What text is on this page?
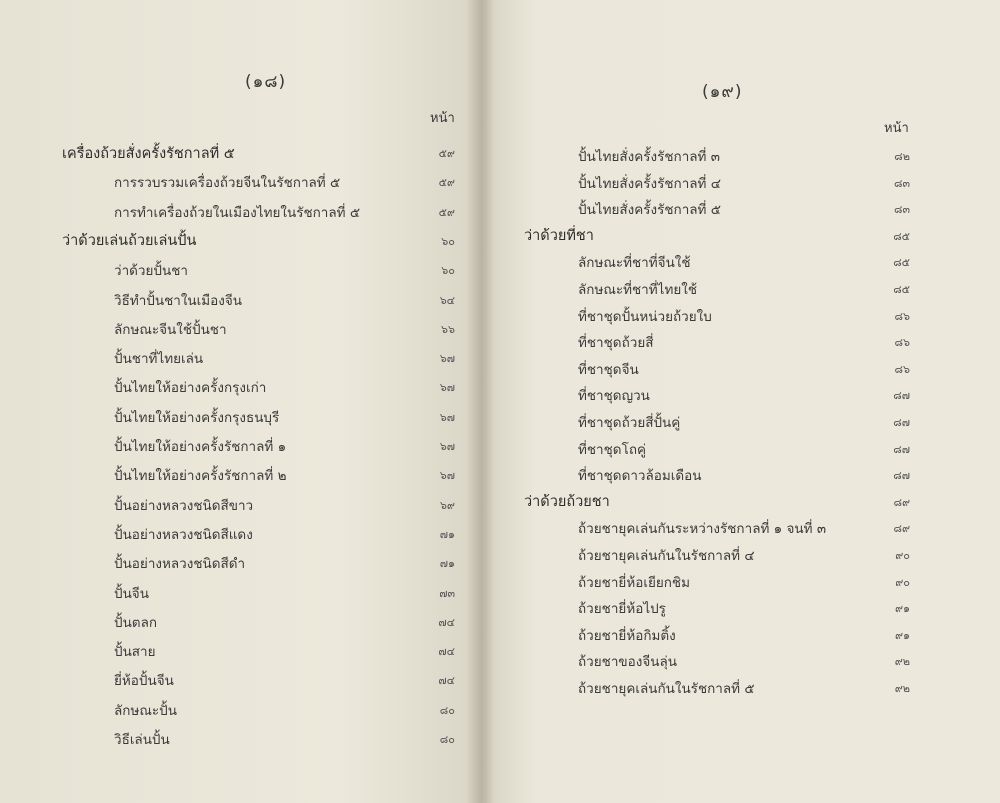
(๑๘)
หน้า
(๑๙)
หน้า
เครื่องถ้วยสั่งครั้งรัชกาลที่ ๕	๕๙
การรวบรวมเครื่องถ้วยจีนในรัชกาลที่ ๕	๕๙
การทำเครื่องถ้วยในเมืองไทยในรัชกาลที่ ๕	๕๙
ว่าด้วยเล่นถ้วยเล่นปั้น	๖๐
ว่าด้วยปั้นชา	๖๐
วิธีทำปั้นชาในเมืองจีน	๖๔
ลักษณะจีนใช้ปั้นชา	๖๖
ปั้นชาที่ไทยเล่น	๖๗
ปั้นไทยให้อย่างครั้งกรุงเก่า	๖๗
ปั้นไทยให้อย่างครั้งกรุงธนบุรี	๖๗
ปั้นไทยให้อย่างครั้งรัชกาลที่ ๑	๖๗
ปั้นไทยให้อย่างครั้งรัชกาลที่ ๒	๖๗
ปั้นอย่างหลวงชนิดสีขาว	๖๙
ปั้นอย่างหลวงชนิดสีแดง	๗๑
ปั้นอย่างหลวงชนิดสีดำ	๗๑
ปั้นจีน	๗๓
ปั้นตลก	๗๔
ปั้นสาย	๗๔
ยี่ห้อปั้นจีน	๗๔
ลักษณะปั้น	๘๐
วิธีเล่นปั้น	๘๐
ปั้นไทยสั่งครั้งรัชกาลที่ ๓	๘๒
ปั้นไทยสั่งครั้งรัชกาลที่ ๔	๘๓
ปั้นไทยสั่งครั้งรัชกาลที่ ๕	๘๓
ว่าด้วยที่ชา	๘๕
ลักษณะที่ชาที่จีนใช้	๘๕
ลักษณะที่ชาที่ไทยใช้	๘๕
ที่ชาชุดปั้นหน่วยถ้วยใบ	๘๖
ที่ชาชุดถ้วยสี่	๘๖
ที่ชาชุดจีน	๘๖
ที่ชาชุดญวน	๘๗
ที่ชาชุดถ้วยสี่ปั้นคู่	๘๗
ที่ชาชุดโถคู่	๘๗
ที่ชาชุดดาวล้อมเดือน	๘๗
ว่าด้วยถ้วยชา	๘๙
ถ้วยชายุคเล่นกันระหว่างรัชกาลที่ ๑ จนที่ ๓	๘๙
ถ้วยชายุคเล่นกันในรัชกาลที่ ๔	๙๐
ถ้วยชายี่ห้อเยียกชิม	๙๐
ถ้วยชายี่ห้อไปรู	๙๑
ถ้วยชายี่ห้อกิมติ้ง	๙๑
ถ้วยชาของจีนลุ่น	๙๒
ถ้วยชายุคเล่นกันในรัชกาลที่ ๕	๙๒
